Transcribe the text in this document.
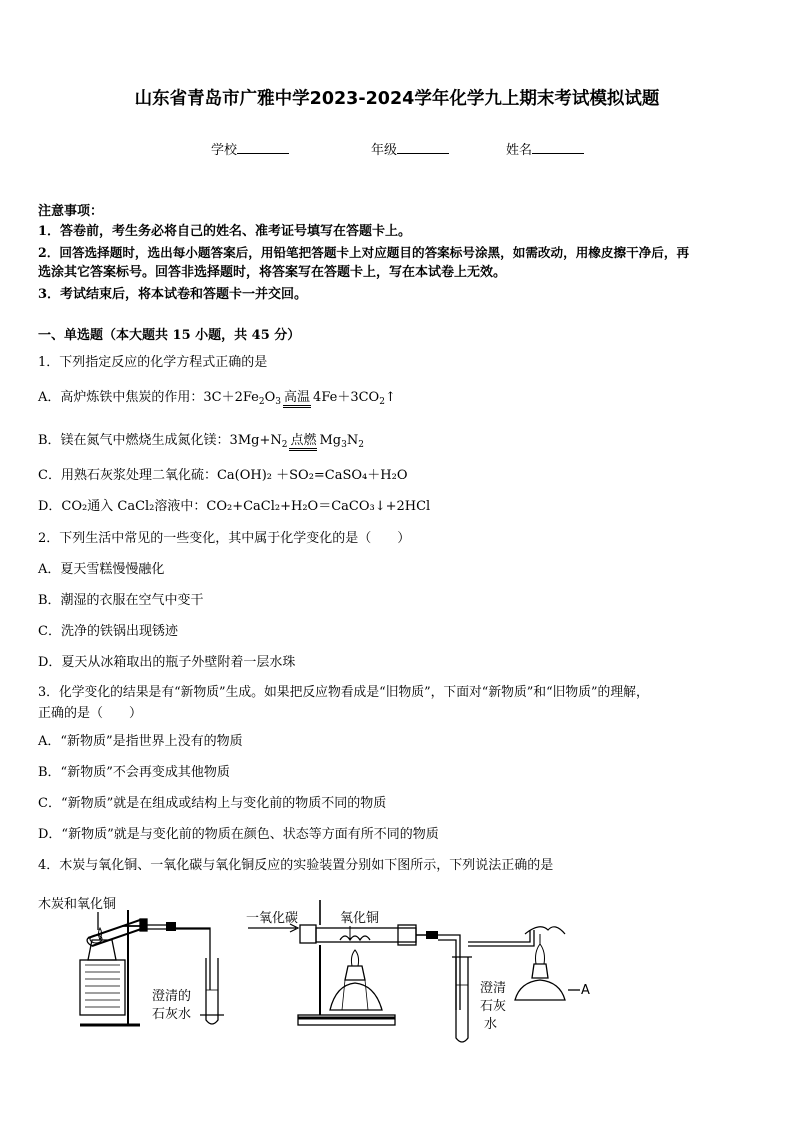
山东省青岛市广雅中学2023-2024学年化学九上期末考试模拟试题
学校	年级	姓名
注意事项：
1．答卷前，考生务必将自己的姓名、准考证号填写在答题卡上。
2．回答选择题时，选出每小题答案后，用铅笔把答题卡上对应题目的答案标号涂黑，如需改动，用橡皮擦干净后，再
选涂其它答案标号。回答非选择题时，将答案写在答题卡上，写在本试卷上无效。
3．考试结束后，将本试卷和答题卡一并交回。
一、单选题（本大题共 15 小题，共 45 分）
1．下列指定反应的化学方程式正确的是
A．高炉炼铁中焦炭的作用：$3C+2Fe_2O_3$ 高温 $4Fe+3CO_2↑$
B．镁在氮气中燃烧生成氮化镁：$3Mg+N_2$ 点燃 $Mg_3N_2$
C．用熟石灰浆处理二氧化硫：Ca(OH)₂ ＋SO₂=CaSO₄＋H₂O
D．CO₂通入 CaCl₂溶液中：CO₂+CaCl₂+H₂O＝CaCO₃↓+2HCl
2．下列生活中常见的一些变化，其中属于化学变化的是（　　）
A．夏天雪糕慢慢融化
B．潮湿的衣服在空气中变干
C．洗净的铁锅出现锈迹
D．夏天从冰箱取出的瓶子外壁附着一层水珠
3．化学变化的结果是有“新物质”生成。如果把反应物看成是“旧物质”，下面对“新物质”和“旧物质”的理解，
正确的是（　　）
A．“新物质”是指世界上没有的物质
B．“新物质”不会再变成其他物质
C．“新物质”就是在组成或结构上与变化前的物质不同的物质
D．“新物质”就是与变化前的物质在颜色、状态等方面有所不同的物质
4．木炭与氧化铜、一氧化碳与氧化铜反应的实验装置分别如下图所示，下列说法正确的是
木炭和氧化铜
澄清的
石灰水
一氧化碳	氧化铜
A
澄清
石灰
水
